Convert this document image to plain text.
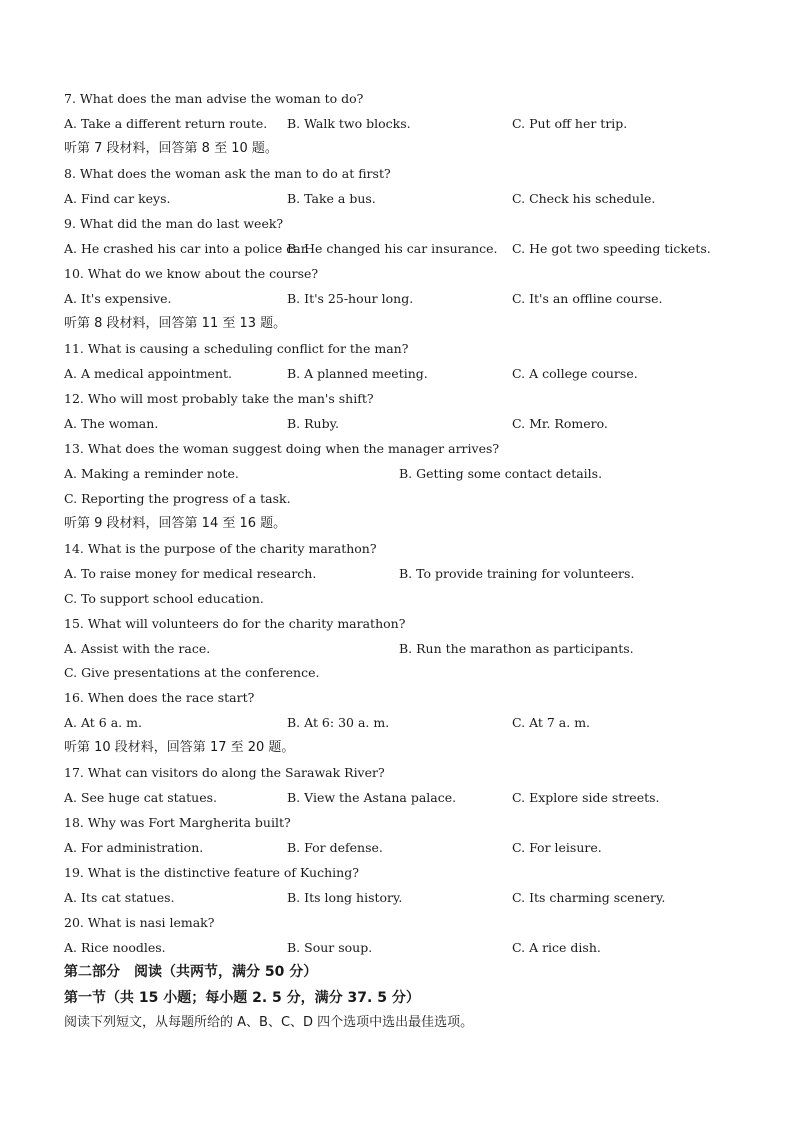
7. What does the man advise the woman to do?
A. Take a different return route. B. Walk two blocks.	C. Put off her trip.
听第 7 段材料，回答第 8 至 10 题。
8. What does the woman ask the man to do at first?
A. Find car keys.	B. Take a bus.	C. Check his schedule.
9. What did the man do last week?
A. He crashed his car into a police car.
B. He changed his car insurance. C. He got two speeding tickets.
10. What do we know about the course?
A. It's expensive.	B. It's 25-hour long.	C. It's an offline course.
听第 8 段材料，回答第 11 至 13 题。
11. What is causing a scheduling conflict for the man?
A. A medical appointment.	B. A planned meeting.	C. A college course.
12. Who will most probably take the man's shift?
A. The woman.	B. Ruby.	C. Mr. Romero.
13. What does the woman suggest doing when the manager arrives?
A. Making a reminder note.	B. Getting some contact details.
C. Reporting the progress of a task.
听第 9 段材料，回答第 14 至 16 题。
14. What is the purpose of the charity marathon?
A. To raise money for medical research.	B. To provide training for volunteers.
C. To support school education.
15. What will volunteers do for the charity marathon?
A. Assist with the race.	B. Run the marathon as participants.
C. Give presentations at the conference.
16. When does the race start?
A. At 6 a. m.	B. At 6: 30 a. m.	C. At 7 a. m.
听第 10 段材料，回答第 17 至 20 题。
17. What can visitors do along the Sarawak River?
A. See huge cat statues.	B. View the Astana palace.	C. Explore side streets.
18. Why was Fort Margherita built?
A. For administration.	B. For defense.	C. For leisure.
19. What is the distinctive feature of Kuching?
A. Its cat statues.	B. Its long history.	C. Its charming scenery.
20. What is nasi lemak?
A. Rice noodles.	B. Sour soup.	C. A rice dish.
第二部分　阅读（共两节，满分 50 分）
第一节（共 15 小题；每小题 2. 5 分，满分 37. 5 分）
阅读下列短文，从每题所给的 A、B、C、D 四个选项中选出最佳选项。
